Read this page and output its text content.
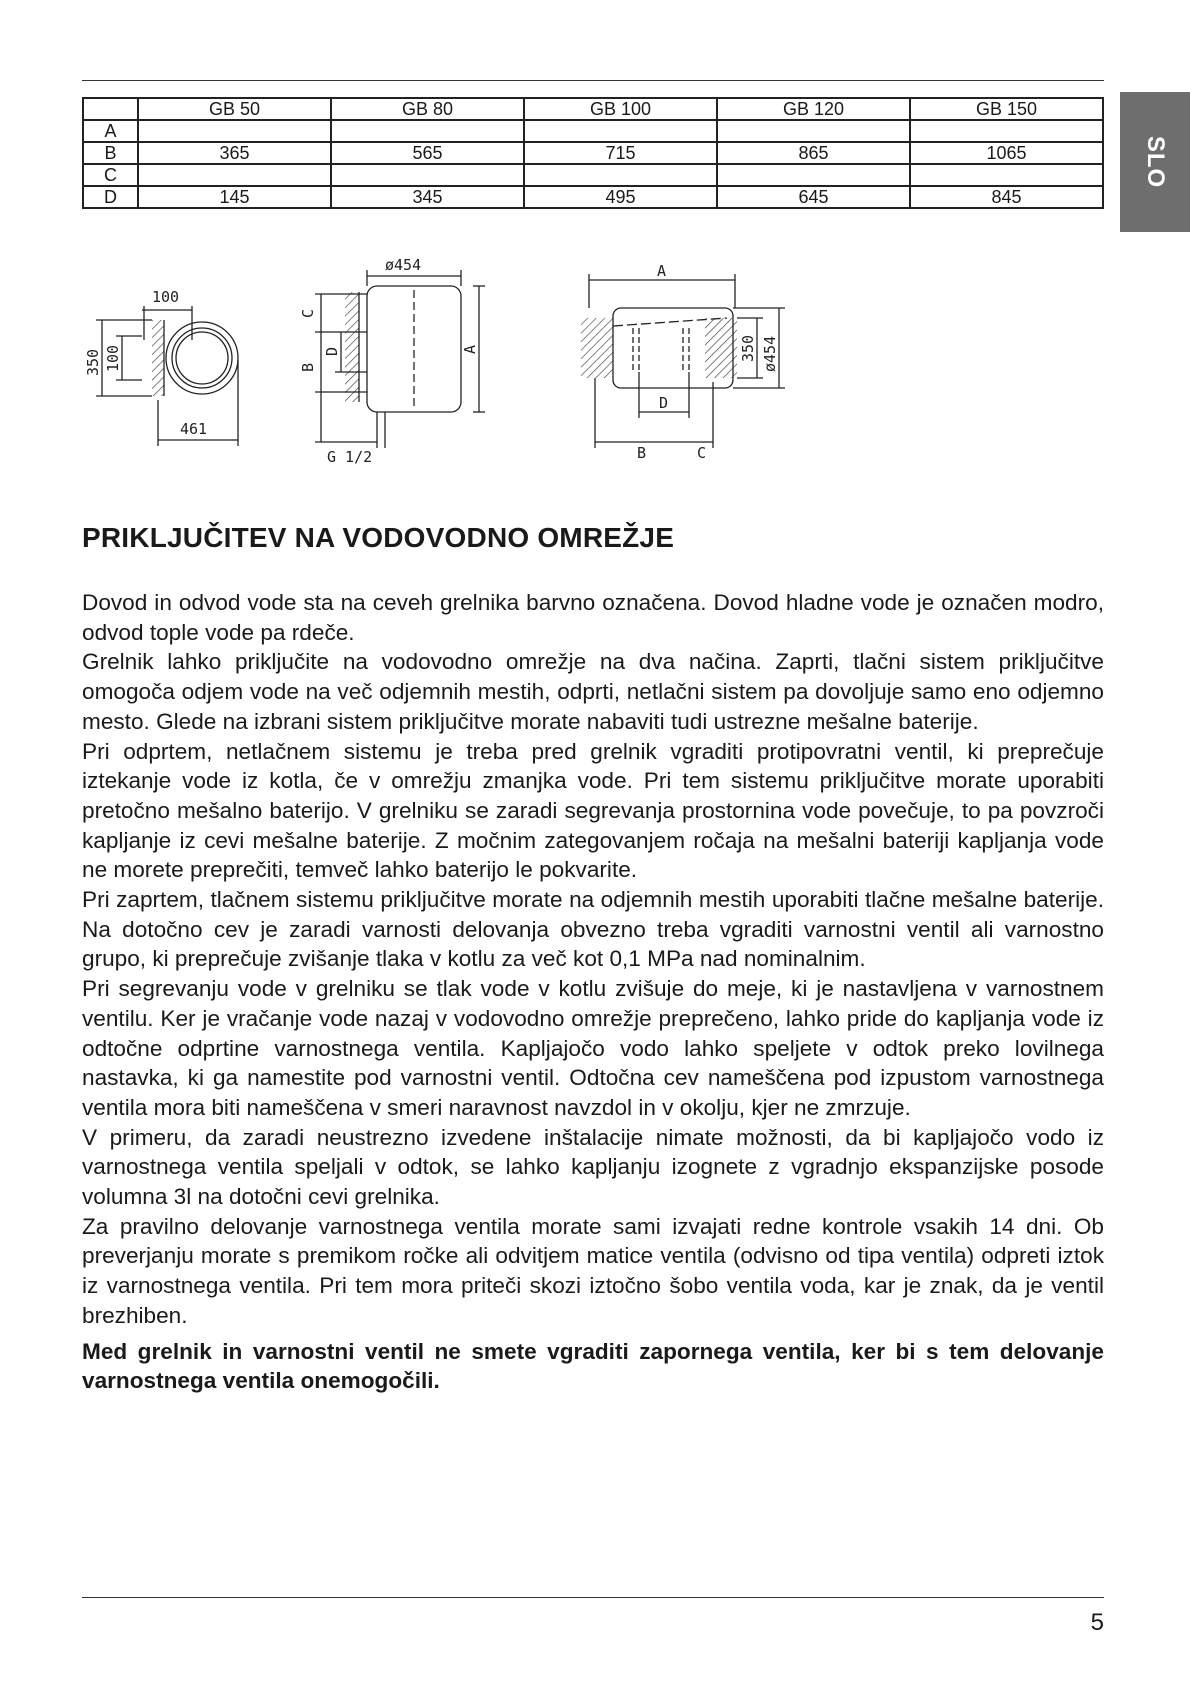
SLO
	GB 50	GB 80	GB 100	GB 120	GB 150
A					
B	365	565	715	865	1065
C					
D	145	345	495	645	845
100
350 100
461
ø454
C
B
D	A
G 1/2
A
350 ø454
D
B	C
PRIKLJUČITEV NA VODOVODNO OMREŽJE

Dovod in odvod vode sta na ceveh grelnika barvno označena. Dovod hladne vode je označen modro, odvod tople vode pa rdeče.

Grelnik lahko priključite na vodovodno omrežje na dva načina. Zaprti, tlačni sistem priključitve omogoča odjem vode na več odjemnih mestih, odprti, netlačni sistem pa dovoljuje samo eno odjemno mesto. Glede na izbrani sistem priključitve morate nabaviti tudi ustrezne mešalne baterije.

Pri odprtem, netlačnem sistemu je treba pred grelnik vgraditi protipovratni ventil, ki preprečuje iztekanje vode iz kotla, če v omrežju zmanjka vode. Pri tem sistemu priključitve morate uporabiti pretočno mešalno baterijo. V grelniku se zaradi segrevanja prostornina vode povečuje, to pa povzroči kapljanje iz cevi mešalne baterije. Z močnim zategovanjem ročaja na mešalni bateriji kapljanja vode ne morete preprečiti, temveč lahko baterijo le pokvarite.

Pri zaprtem, tlačnem sistemu priključitve morate na odjemnih mestih uporabiti tlačne mešalne baterije. Na dotočno cev je zaradi varnosti delovanja obvezno treba vgraditi varnostni ventil ali varnostno grupo, ki preprečuje zvišanje tlaka v kotlu za več kot 0,1 MPa nad nominalnim.

Pri segrevanju vode v grelniku se tlak vode v kotlu zvišuje do meje, ki je nastavljena v varnostnem ventilu. Ker je vračanje vode nazaj v vodovodno omrežje preprečeno, lahko pride do kapljanja vode iz odtočne odprtine varnostnega ventila. Kapljajočo vodo lahko speljete v odtok preko lovilnega nastavka, ki ga namestite pod varnostni ventil. Odtočna cev nameščena pod izpustom varnostnega ventila mora biti nameščena v smeri naravnost navzdol in v okolju, kjer ne zmrzuje.

V primeru, da zaradi neustrezno izvedene inštalacije nimate možnosti, da bi kapljajočo vodo iz varnostnega ventila speljali v odtok, se lahko kapljanju izognete z vgradnjo ekspanzijske posode volumna 3l na dotočni cevi grelnika.

Za pravilno delovanje varnostnega ventila morate sami izvajati redne kontrole vsakih 14 dni. Ob preverjanju morate s premikom ročke ali odvitjem matice ventila (odvisno od tipa ventila) odpreti iztok iz varnostnega ventila. Pri tem mora priteči skozi iztočno šobo ventila voda, kar je znak, da je ventil brezhiben.

Med grelnik in varnostni ventil ne smete vgraditi zapornega ventila, ker bi s tem delovanje varnostnega ventila onemogočili.

5
